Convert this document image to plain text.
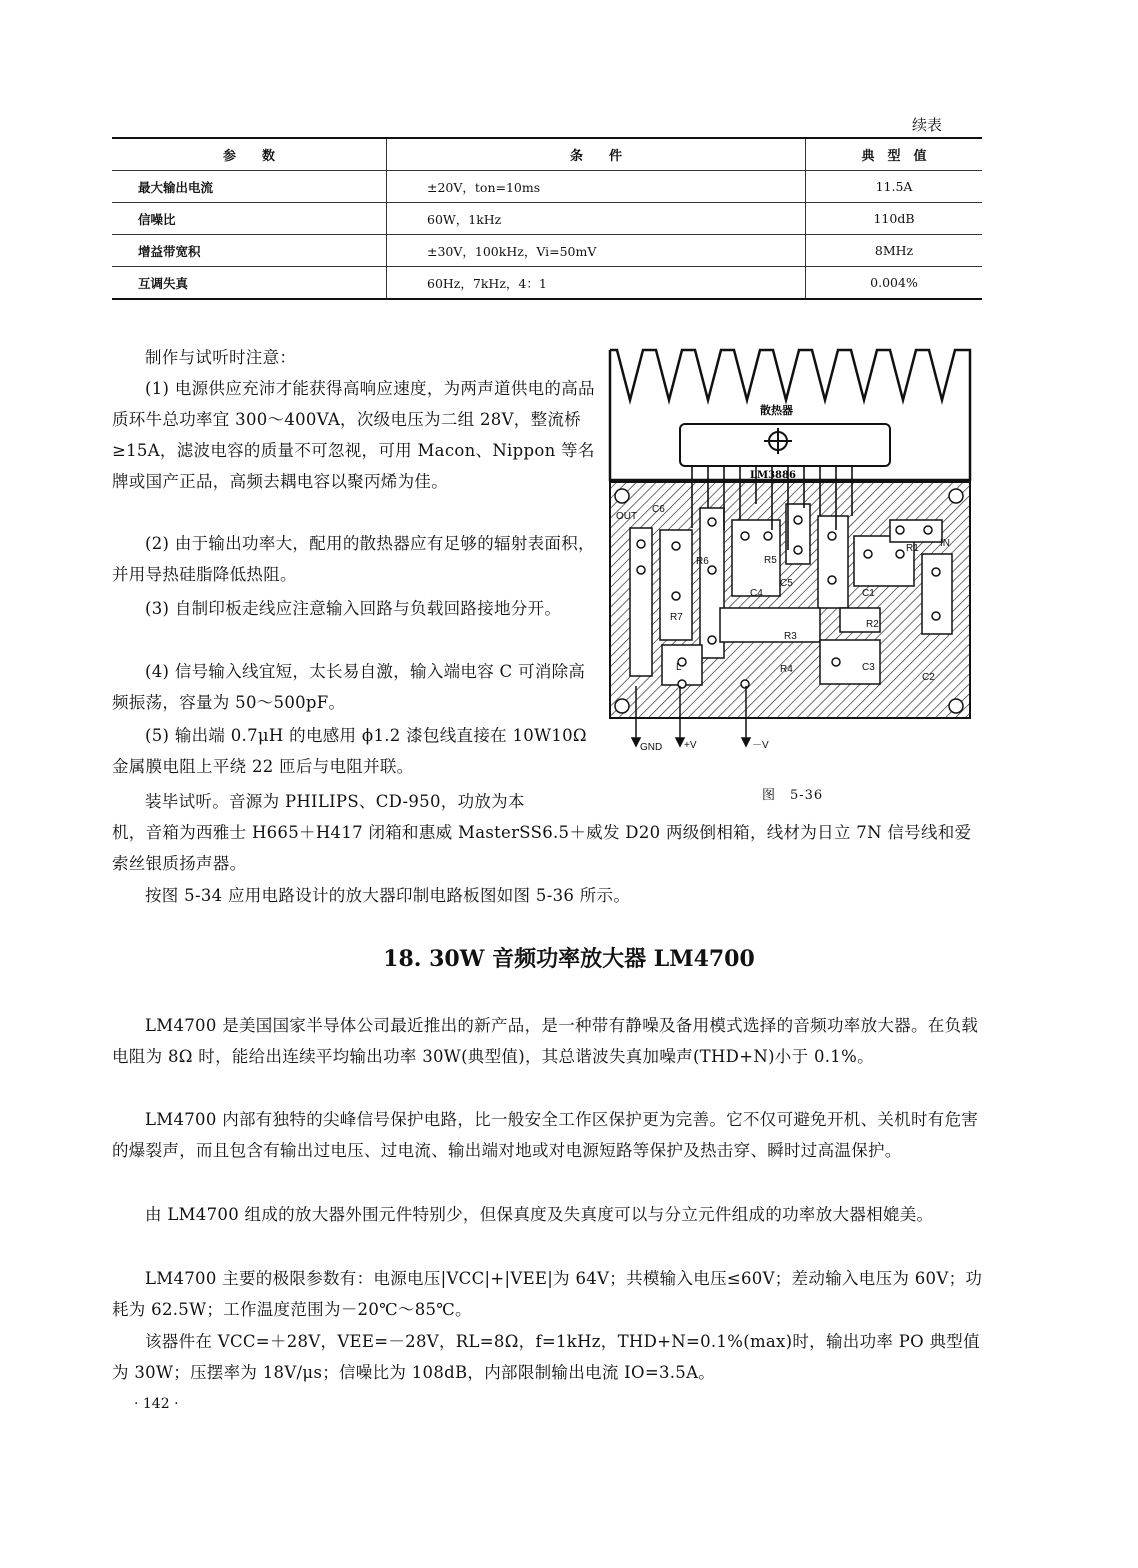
续表
参　　数	条　　件	典　型　值
最大输出电流	±20V，ton=10ms	11.5A
信噪比	60W，1kHz	110dB
增益带宽积	±30V，100kHz，Vi=50mV	8MHz
互调失真	60Hz，7kHz，4：1	0.004%

制作与试听时注意：

(1) 电源供应充沛才能获得高响应速度，为两声道供电的高品质环牛总功率宜 300～400VA，次级电压为二组 28V，整流桥≥15A，滤波电容的质量不可忽视，可用 Macon、Nippon 等名牌或国产正品，高频去耦电容以聚丙烯为佳。

(2) 由于输出功率大，配用的散热器应有足够的辐射表面积，并用导热硅脂降低热阻。

(3) 自制印板走线应注意输入回路与负载回路接地分开。

(4) 信号输入线宜短，太长易自激，输入端电容 C 可消除高频振荡，容量为 50～500pF。

(5) 输出端 0.7μH 的电感用 ϕ1.2 漆包线直接在 10W10Ω 金属膜电阻上平绕 22 匝后与电阻并联。

装毕试听。音源为 PHILIPS、CD-950，功放为本

机，音箱为西雅士 H665＋H417 闭箱和惠威 MasterSS6.5＋威发 D20 两级倒相箱，线材为日立 7N 信号线和爱索丝银质扬声器。

按图 5-34 应用电路设计的放大器印制电路板图如图 5-36 所示。

散热器
LM3886
OUT
C6
R6	R5
C5
C4
R7
R3
R4
C1
R1 IN
R2
C3
C2
L
GND +V	－V
图　5-36
18. 30W 音频功率放大器 LM4700

LM4700 是美国国家半导体公司最近推出的新产品，是一种带有静噪及备用模式选择的音频功率放大器。在负载电阻为 8Ω 时，能给出连续平均输出功率 30W(典型值)，其总谐波失真加噪声(THD+N)小于 0.1%。

LM4700 内部有独特的尖峰信号保护电路，比一般安全工作区保护更为完善。它不仅可避免开机、关机时有危害的爆裂声，而且包含有输出过电压、过电流、输出端对地或对电源短路等保护及热击穿、瞬时过高温保护。

由 LM4700 组成的放大器外围元件特别少，但保真度及失真度可以与分立元件组成的功率放大器相媲美。

LM4700 主要的极限参数有：电源电压|VCC|+|VEE|为 64V；共模输入电压≤60V；差动输入电压为 60V；功耗为 62.5W；工作温度范围为－20℃～85℃。

该器件在 VCC=＋28V，VEE=－28V，RL=8Ω，f=1kHz，THD+N=0.1%(max)时，输出功率 PO 典型值为 30W；压摆率为 18V/μs；信噪比为 108dB，内部限制输出电流 IO=3.5A。

· 142 ·
